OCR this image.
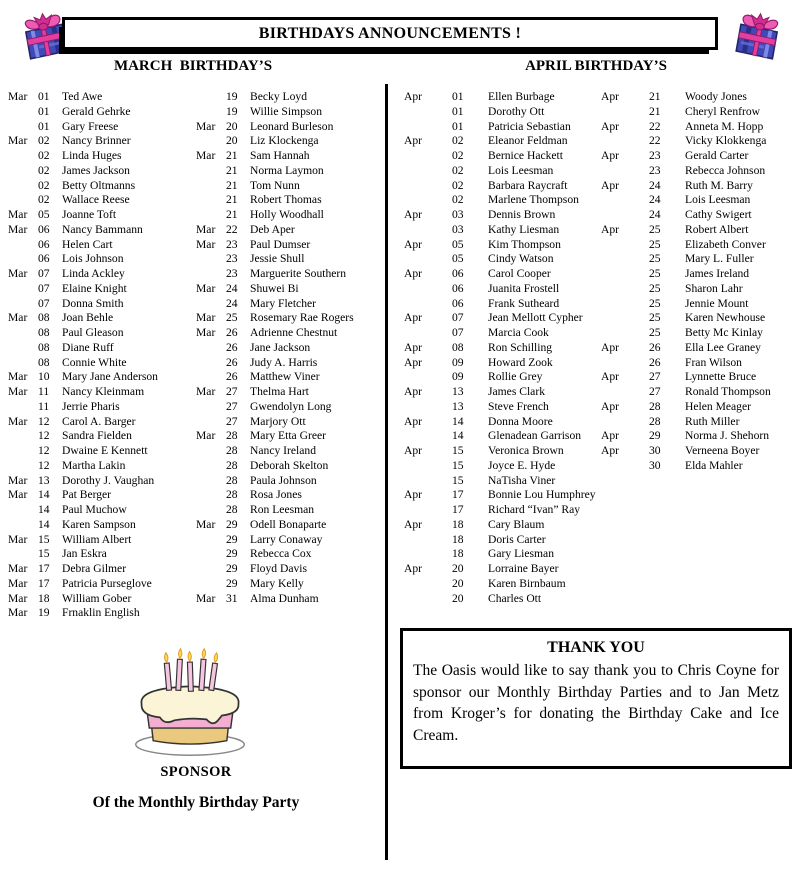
BIRTHDAYS ANNOUNCEMENTS !
MARCH  BIRTHDAY’S	APRIL BIRTHDAY’S
Mar 01	Ted Awe
01	Gerald Gehrke
01	Gary Freese
Mar 02	Nancy Brinner
02	Linda Huges
02	James Jackson
02	Betty Oltmanns
02	Wallace Reese
Mar 05	Joanne Toft
Mar 06	Nancy Bammann
06	Helen Cart
06	Lois Johnson
Mar 07	Linda Ackley
07	Elaine Knight
07	Donna Smith
Mar 08	Joan Behle
08	Paul Gleason
08	Diane Ruff
08	Connie White
Mar 10	Mary Jane Anderson
Mar 11	Nancy Kleinmam
11	Jerrie Pharis
Mar 12	Carol A. Barger
12	Sandra Fielden
12	Dwaine E Kennett
12	Martha Lakin
Mar 13	Dorothy J. Vaughan
Mar 14	Pat Berger
14	Paul Muchow
14	Karen Sampson
Mar 15	William Albert
15	Jan Eskra
Mar 17	Debra Gilmer
Mar 17	Patricia Purseglove
Mar 18	William Gober
Mar 19	Frnaklin English
19	Becky Loyd
19	Willie Simpson
Mar 20	Leonard Burleson
20	Liz Klockenga
Mar 21	Sam Hannah
21	Norma Laymon
21	Tom Nunn
21	Robert Thomas
21	Holly Woodhall
Mar 22	Deb Aper
Mar 23	Paul Dumser
23	Jessie Shull
23	Marguerite Southern
Mar 24	Shuwei Bi
24	Mary Fletcher
Mar 25	Rosemary Rae Rogers
Mar 26	Adrienne Chestnut
26	Jane Jackson
26	Judy A. Harris
26	Matthew Viner
Mar 27	Thelma Hart
27	Gwendolyn Long
27	Marjory Ott
Mar 28	Mary Etta Greer
28	Nancy Ireland
28	Deborah Skelton
28	Paula Johnson
28	Rosa Jones
28	Ron Leesman
Mar 29	Odell Bonaparte
29	Larry Conaway
29	Rebecca Cox
29	Floyd Davis
29	Mary Kelly
Mar 31	Alma Dunham
Apr	01	Ellen Burbage
01	Dorothy Ott
01	Patricia Sebastian
Apr	02	Eleanor Feldman
02	Bernice Hackett
02	Lois Leesman
02	Barbara Raycraft
02	Marlene Thompson
Apr	03	Dennis Brown
03	Kathy Liesman
Apr	05	Kim Thompson
05	Cindy Watson
Apr	06	Carol Cooper
06	Juanita Frostell
06	Frank Sutheard
Apr	07	Jean Mellott Cypher
07	Marcia Cook
Apr	08	Ron Schilling
Apr	09	Howard Zook
09	Rollie Grey
Apr	13	James Clark
13	Steve French
Apr	14	Donna Moore
14	Glenadean Garrison
Apr	15	Veronica Brown
15	Joyce E. Hyde
15	NaTisha Viner
Apr	17	Bonnie Lou Humphrey
17	Richard “Ivan” Ray
Apr	18	Cary Blaum
18	Doris Carter
18	Gary Liesman
Apr	20	Lorraine Bayer
20	Karen Birnbaum
20	Charles Ott
Apr	21	Woody Jones
21	Cheryl Renfrow
Apr	22	Anneta M. Hopp
22	Vicky Klokkenga
Apr	23	Gerald Carter
23	Rebecca Johnson
Apr	24	Ruth M. Barry
24	Lois Leesman
24	Cathy Swigert
Apr	25	Robert Albert
25	Elizabeth Conver
25	Mary L. Fuller
25	James Ireland
25	Sharon Lahr
25	Jennie Mount
25	Karen Newhouse
25	Betty Mc Kinlay
Apr	26	Ella Lee Graney
26	Fran Wilson
Apr	27	Lynnette Bruce
27	Ronald Thompson
Apr	28	Helen Meager
28	Ruth Miller
Apr	29	Norma J. Shehorn
Apr	30	Verneena Boyer
30	Elda Mahler
SPONSOR
Of the Monthly Birthday Party
THANK YOU

The Oasis would like to say thank you to Chris Coyne for sponsor our Monthly Birthday Parties and to Jan Metz from Kroger’s for donating the Birthday Cake and Ice Cream.
